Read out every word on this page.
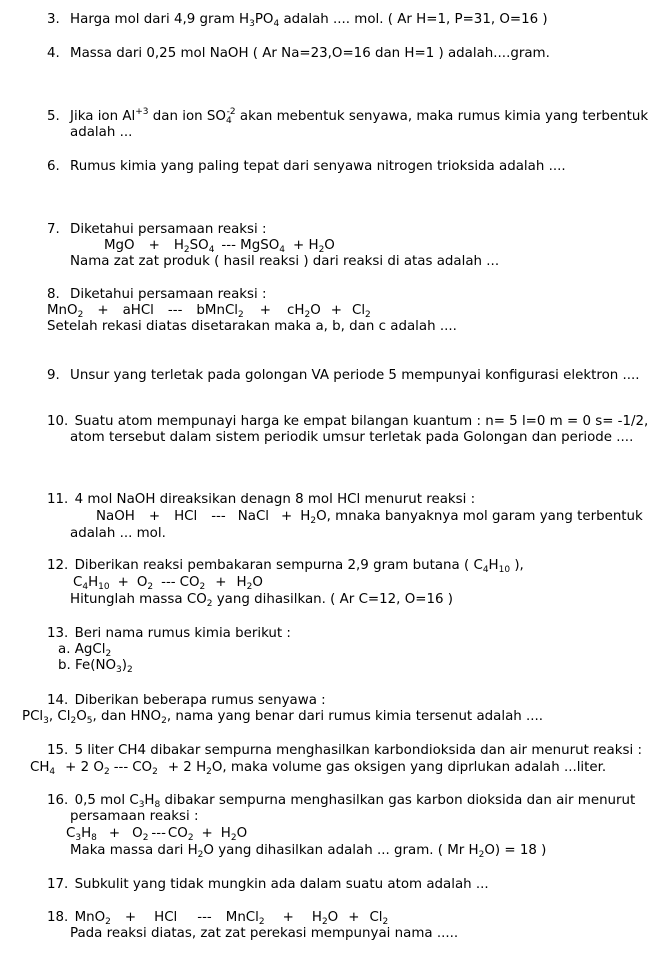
3. Harga mol dari 4,9 gram $H_3PO_4$ adalah .... mol. ( Ar H=1, P=31, O=16 )
4. Massa dari 0,25 mol NaOH ( Ar Na=23,O=16 dan H=1 ) adalah....gram.
5. Jika ion $Al^{+3}$ dan ion $SO_4^{-2}$ akan mebentuk senyawa, maka rumus kimia yang terbentuk
adalah ...
6. Rumus kimia yang paling tepat dari senyawa nitrogen trioksida adalah ....
7. Diketahui persamaan reaksi :
MgO + $H_2SO_4$ --- MgSO$_4$ + $H_2O$
Nama zat zat produk ( hasil reaksi ) dari reaksi di atas adalah ...
8. Diketahui persamaan reaksi :
MnO$_2$ + aHCl --- bMnCl$_2$ + $cH_2O + Cl_2$
Setelah rekasi diatas disetarakan maka a, b, dan c adalah ....
9. Unsur yang terletak pada golongan VA periode 5 mempunyai konfigurasi elektron ....
10. Suatu atom mempunayi harga ke empat bilangan kuantum : n= 5 l=0 m = 0 s= -1/2,
atom tersebut dalam sistem periodik umsur terletak pada Golongan dan periode ....
11. 4 mol NaOH direaksikan denagn 8 mol HCl menurut reaksi :
NaOH + HCl --- NaCl + $H_2O$, mnaka banyaknya mol garam yang terbentuk
adalah ... mol.
12. Diberikan reaksi pembakaran sempurna 2,9 gram butana ( $C_4H_{10}$ ),
$C_4H_{10} + O_2$ --- $CO_2 + H_2O$
Hitunglah massa $CO_2$ yang dihasilkan. ( Ar C=12, O=16 )
13. Beri nama rumus kimia berikut :
a. AgCl$_2$
b. $Fe(NO_3)_2$
14. Diberikan beberapa rumus senyawa :
PCl$_3$, $Cl_2O_5$, dan $HNO_2$, nama yang benar dari rumus kimia tersenut adalah ....
15. 5 liter CH4 dibakar sempurna menghasilkan karbondioksida dan air menurut reaksi :
$CH_4 + 2$ $O_2$ --- $CO_2 + 2$ $H_2O$, maka volume gas oksigen yang diprlukan adalah ...liter.
16. 0,5 mol $C_3H_8$ dibakar sempurna menghasilkan gas karbon dioksida dan air menurut
persamaan reaksi :
$C_3H_8 + O_2$ --- $CO_2 + H_2O$
Maka massa dari $H_2O$ yang dihasilkan adalah ... gram. ( Mr $H_2O) = 18$ )
17. Subkulit yang tidak mungkin ada dalam suatu atom adalah ...
18. MnO$_2$ + HCl --- MnCl$_2$ + $H_2O + Cl_2$
Pada reaksi diatas, zat zat perekasi mempunyai nama .....
